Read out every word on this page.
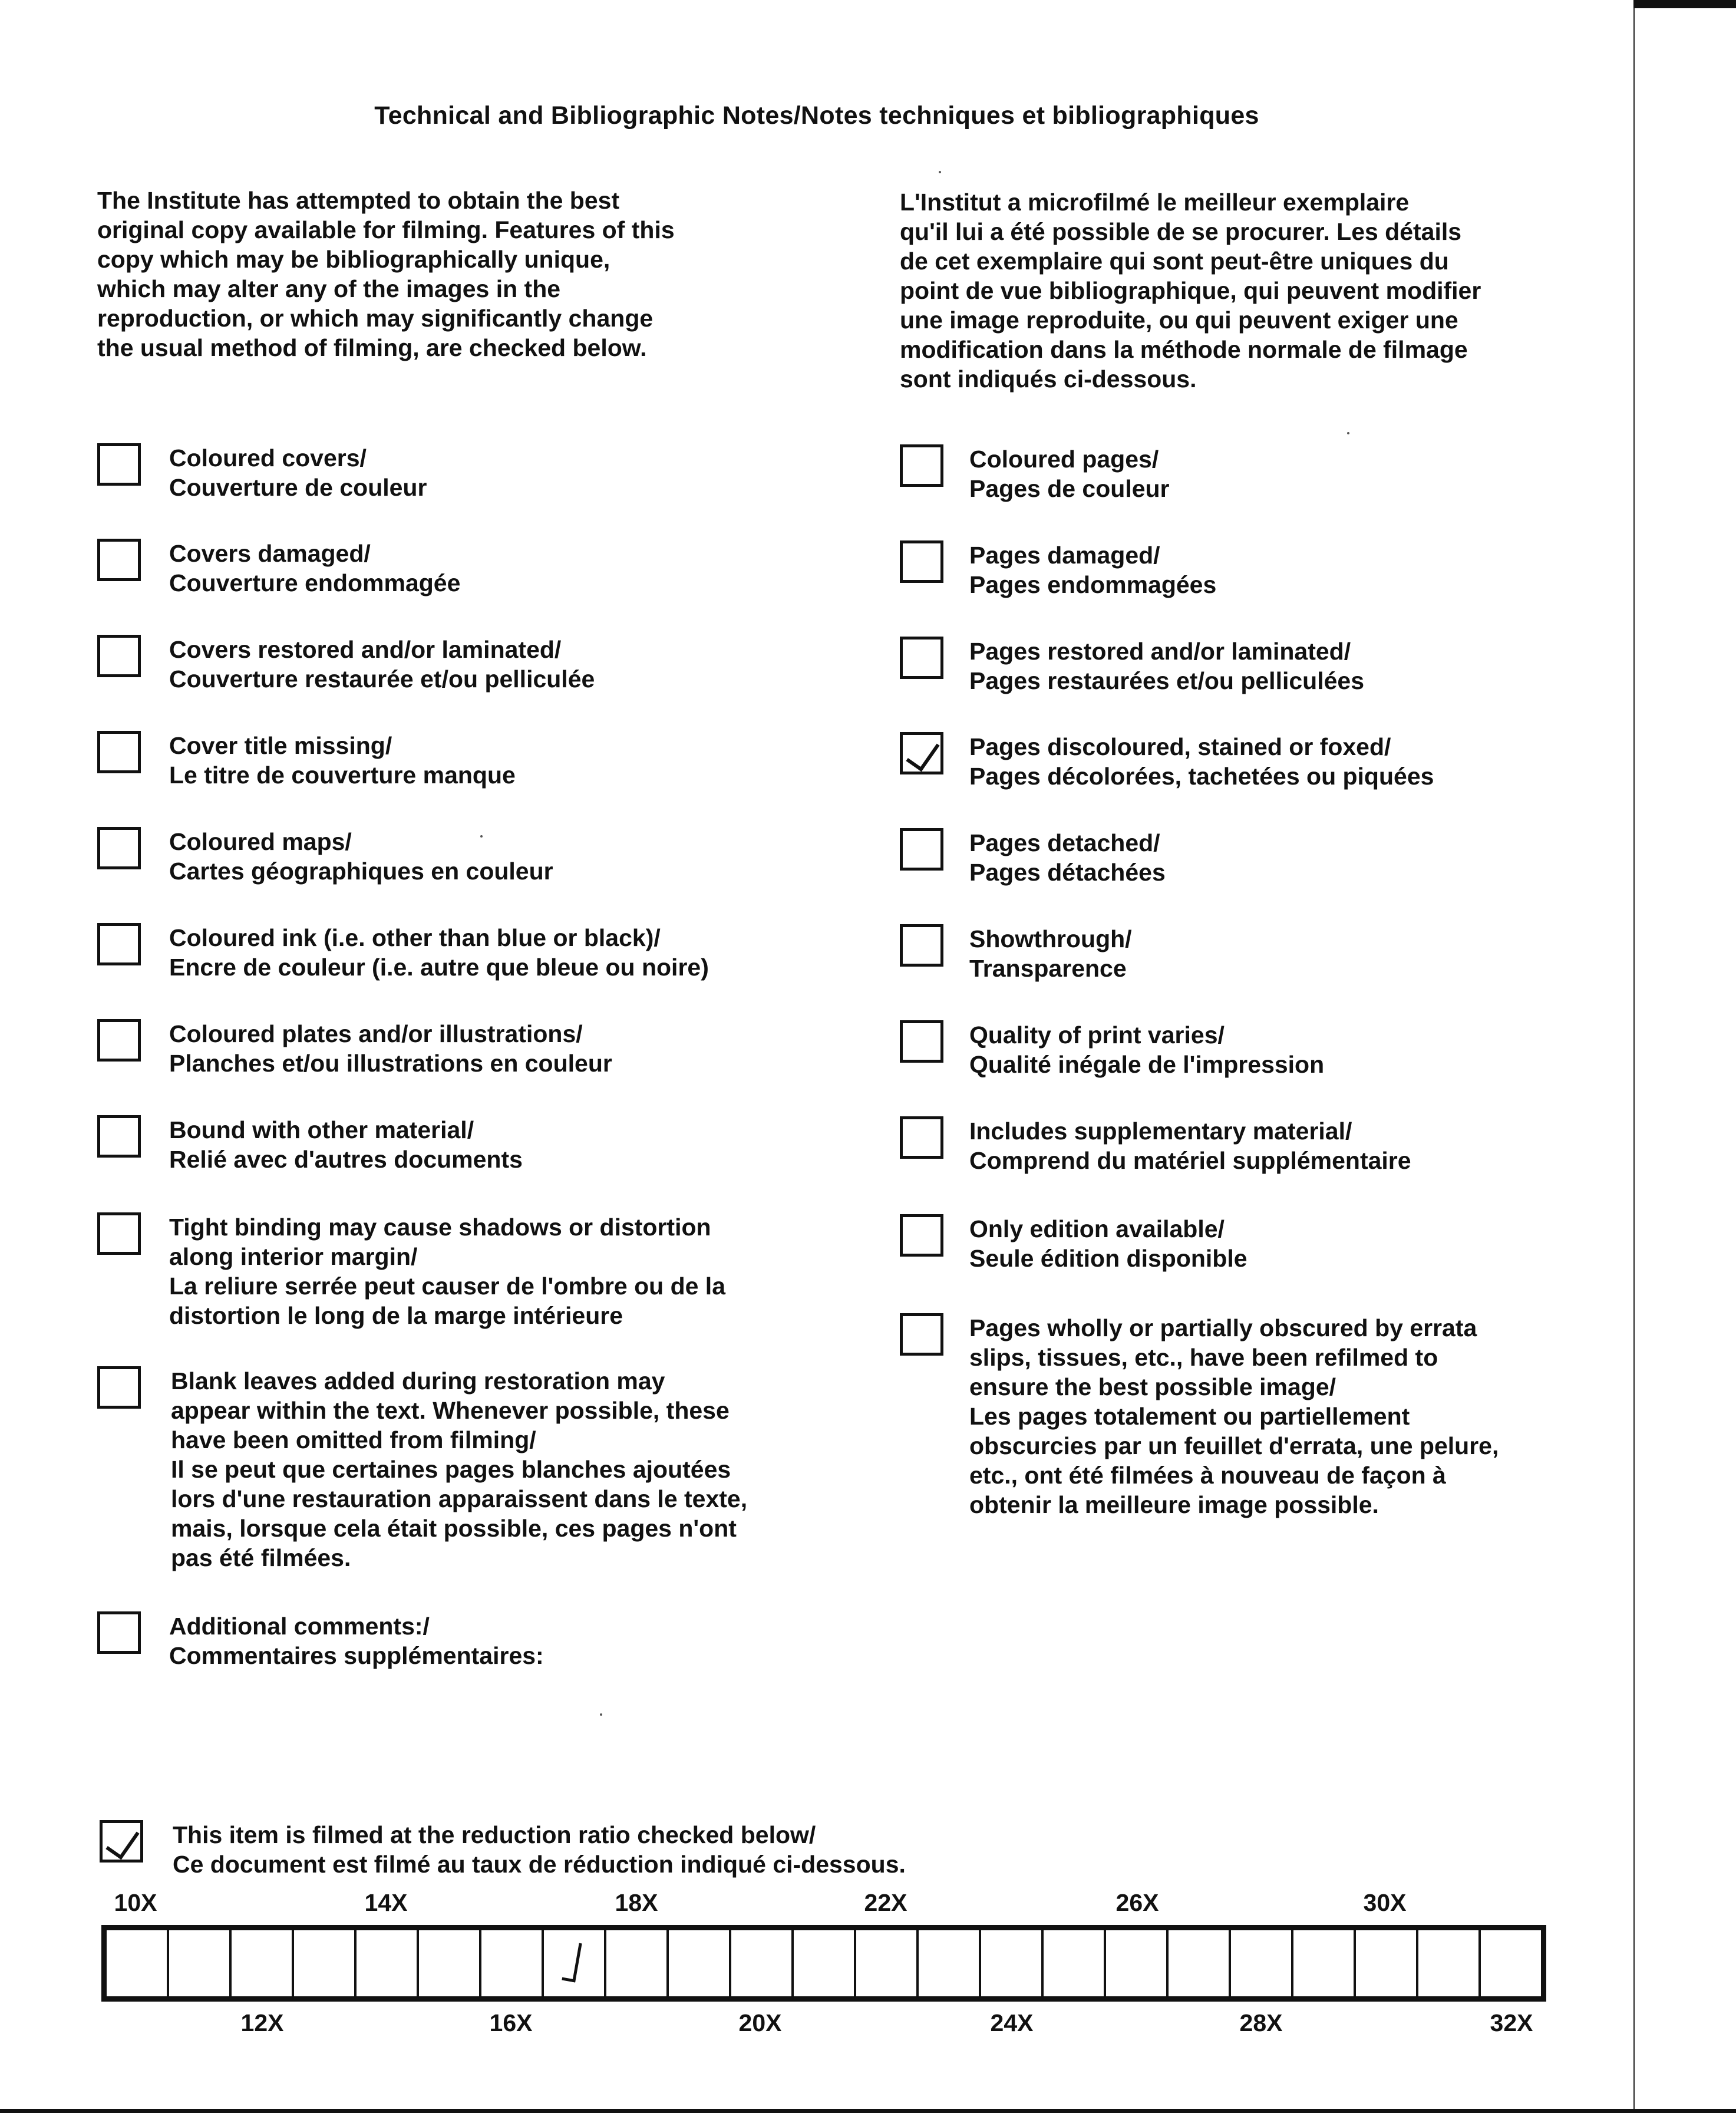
Technical and Bibliographic Notes/Notes techniques et bibliographiques

The Institute has attempted to obtain the best
original copy available for filming. Features of this
copy which may be bibliographically unique,
which may alter any of the images in the
reproduction, or which may significantly change
the usual method of filming, are checked below.

L'Institut a microfilmé le meilleur exemplaire
qu'il lui a été possible de se procurer. Les détails
de cet exemplaire qui sont peut-être uniques du
point de vue bibliographique, qui peuvent modifier
une image reproduite, ou qui peuvent exiger une
modification dans la méthode normale de filmage
sont indiqués ci-dessous.

Coloured covers/
Couverture de couleur

Covers damaged/
Couverture endommagée

Covers restored and/or laminated/
Couverture restaurée et/ou pelliculée

Cover title missing/
Le titre de couverture manque

Coloured maps/
Cartes géographiques en couleur

Coloured ink (i.e. other than blue or black)/
Encre de couleur (i.e. autre que bleue ou noire)

Coloured plates and/or illustrations/
Planches et/ou illustrations en couleur

Bound with other material/
Relié avec d'autres documents

Tight binding may cause shadows or distortion
along interior margin/
La reliure serrée peut causer de l'ombre ou de la
distortion le long de la marge intérieure

Blank leaves added during restoration may
appear within the text. Whenever possible, these
have been omitted from filming/
Il se peut que certaines pages blanches ajoutées
lors d'une restauration apparaissent dans le texte,
mais, lorsque cela était possible, ces pages n'ont
pas été filmées.

Additional comments:/
Commentaires supplémentaires:

Coloured pages/
Pages de couleur

Pages damaged/
Pages endommagées

Pages restored and/or laminated/
Pages restaurées et/ou pelliculées

Pages discoloured, stained or foxed/
Pages décolorées, tachetées ou piquées

Pages detached/
Pages détachées

Showthrough/
Transparence

Quality of print varies/
Qualité inégale de l'impression

Includes supplementary material/
Comprend du matériel supplémentaire

Only edition available/
Seule édition disponible

Pages wholly or partially obscured by errata
slips, tissues, etc., have been refilmed to
ensure the best possible image/
Les pages totalement ou partiellement
obscurcies par un feuillet d'errata, une pelure,
etc., ont été filmées à nouveau de façon à
obtenir la meilleure image possible.

This item is filmed at the reduction ratio checked below/
Ce document est filmé au taux de réduction indiqué ci-dessous.

10X	14X	18X	22X	26X	30X
12X	16X	20X	24X	28X	32X
